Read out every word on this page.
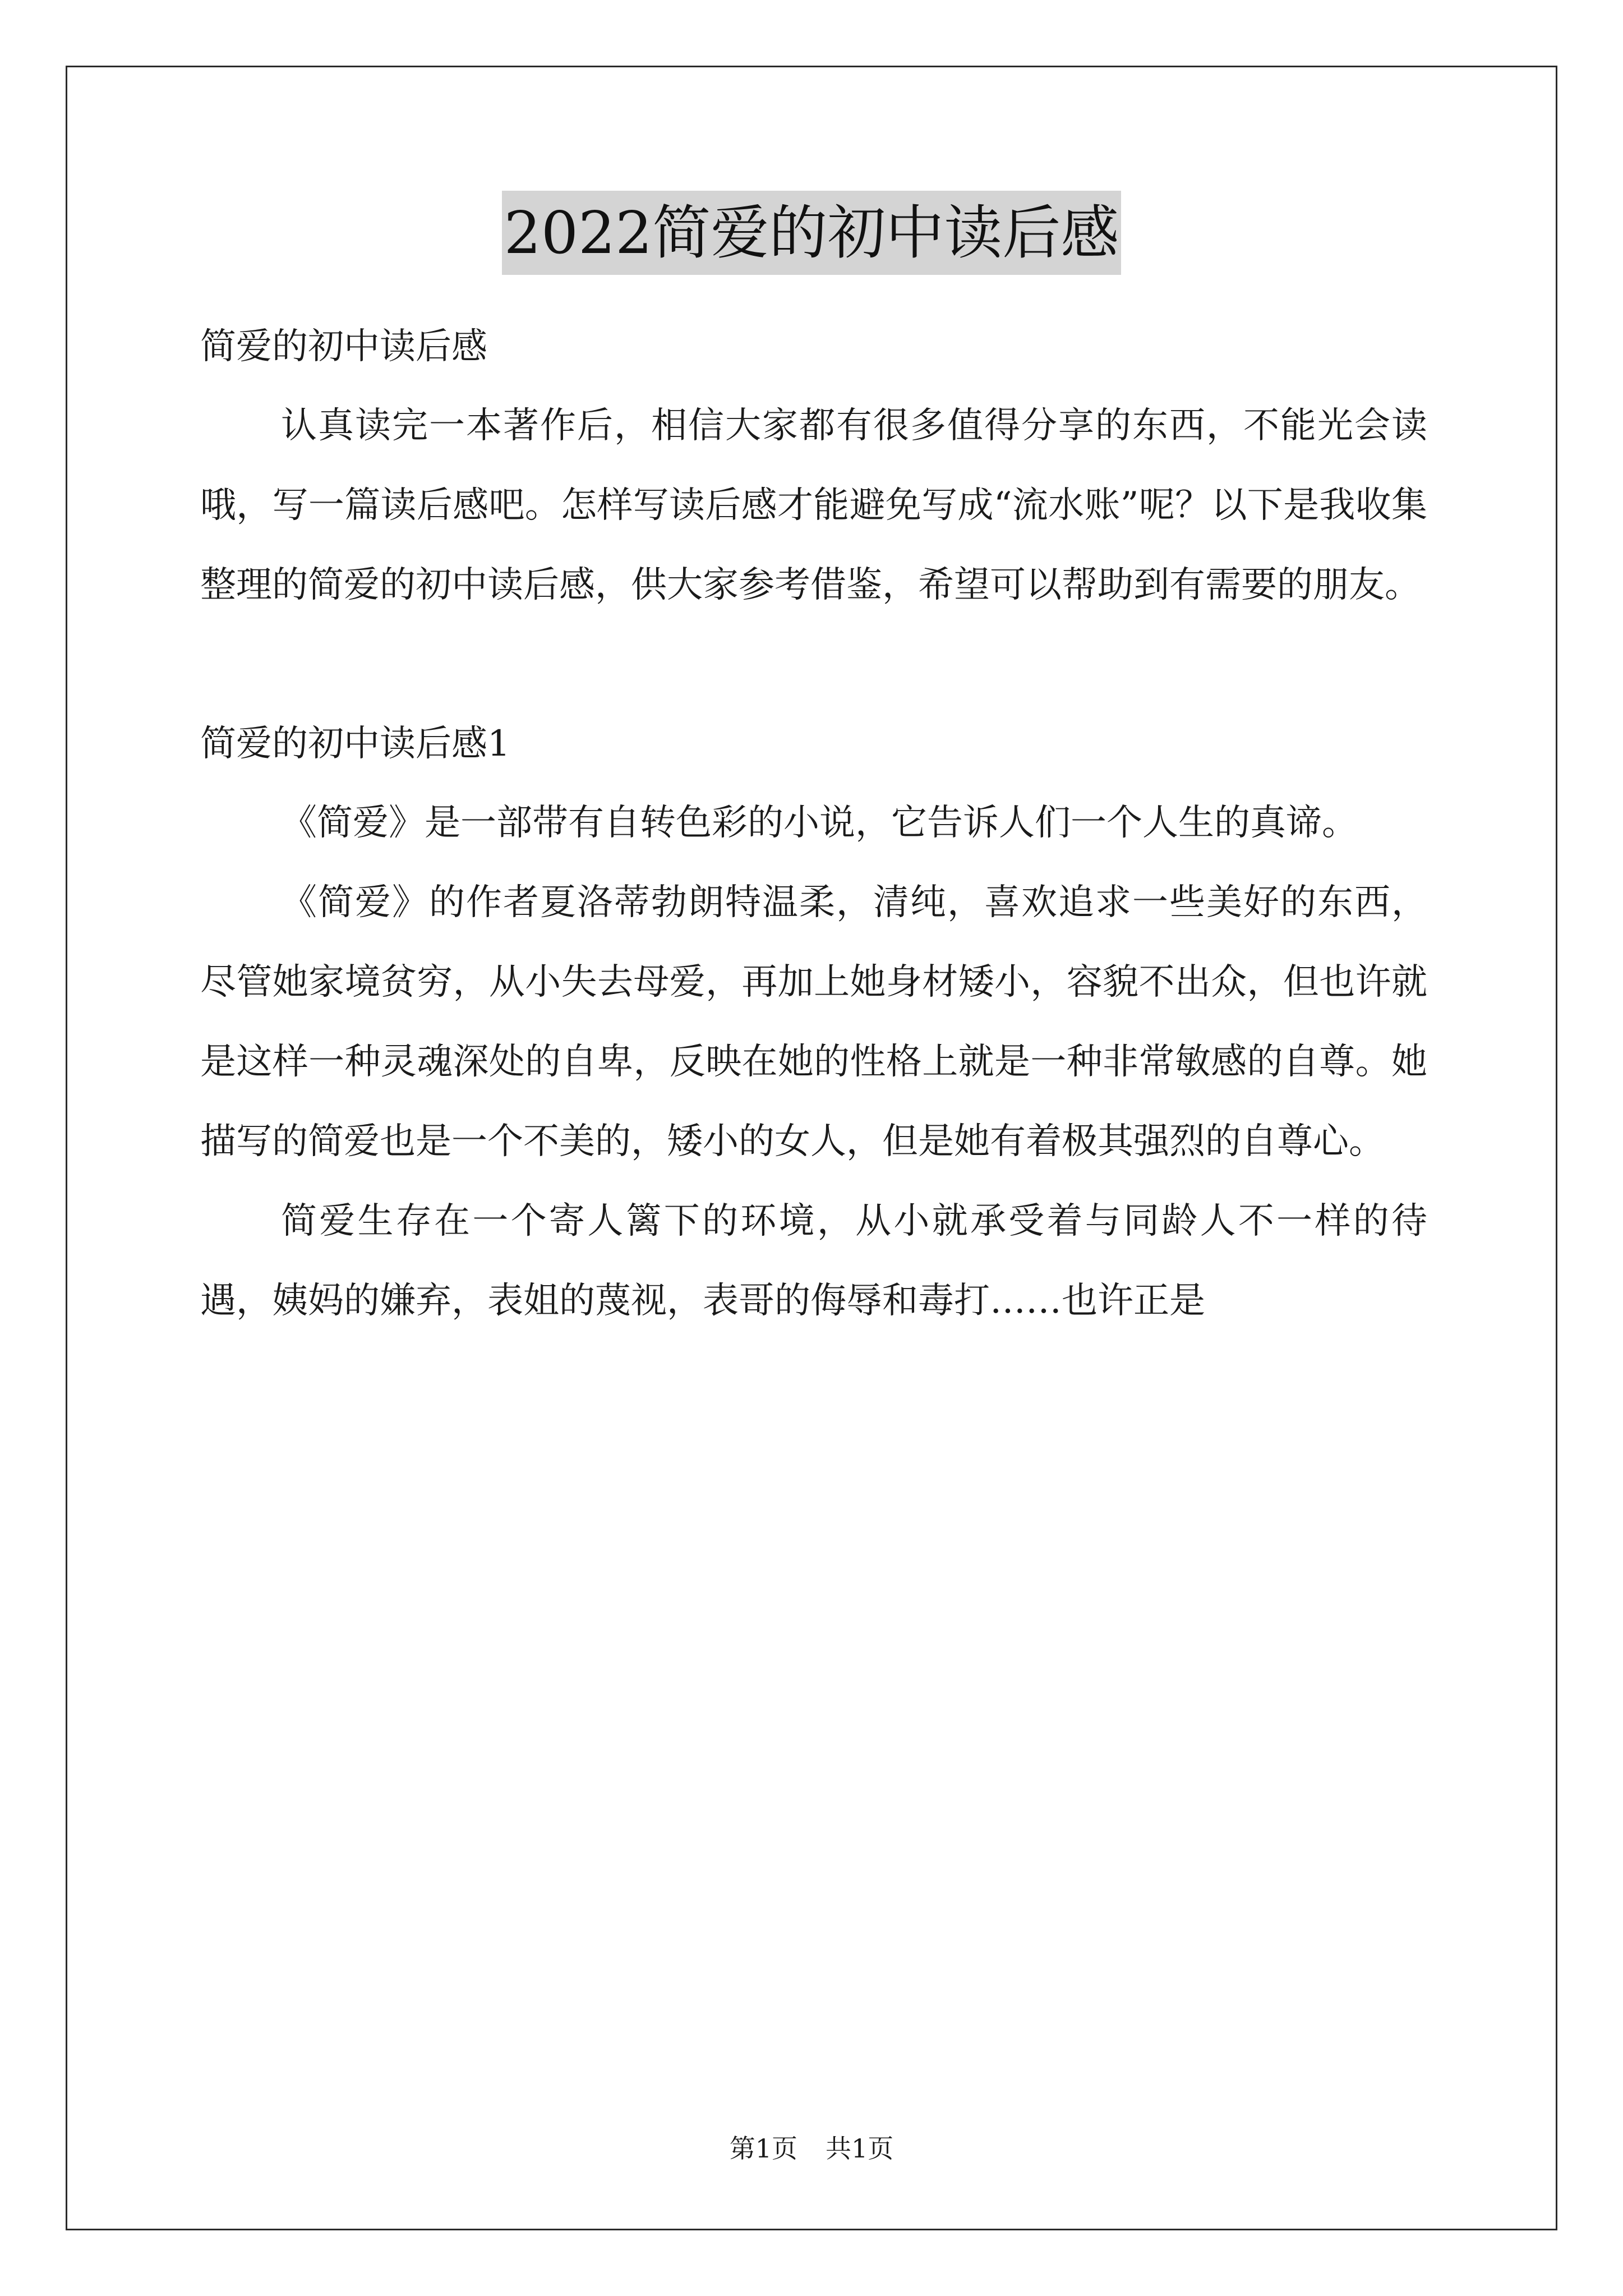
2022简爱的初中读后感

简爱的初中读后感

认真读完一本著作后，相信大家都有很多值得分享的东西，不能光会读哦，写一篇读后感吧。怎样写读后感才能避免写成“流水账”呢？以下是我收集整理的简爱的初中读后感，供大家参考借鉴，希望可以帮助到有需要的朋友。

简爱的初中读后感1

《简爱》是一部带有自转色彩的小说，它告诉人们一个人生的真谛。

《简爱》的作者夏洛蒂勃朗特温柔，清纯，喜欢追求一些美好的东西，尽管她家境贫穷，从小失去母爱，再加上她身材矮小，容貌不出众，但也许就是这样一种灵魂深处的自卑，反映在她的性格上就是一种非常敏感的自尊。她描写的简爱也是一个不美的，矮小的女人，但是她有着极其强烈的自尊心。

简爱生存在一个寄人篱下的环境，从小就承受着与同龄人不一样的待遇，姨妈的嫌弃，表姐的蔑视，表哥的侮辱和毒打……也许正是

第1页 共1页
